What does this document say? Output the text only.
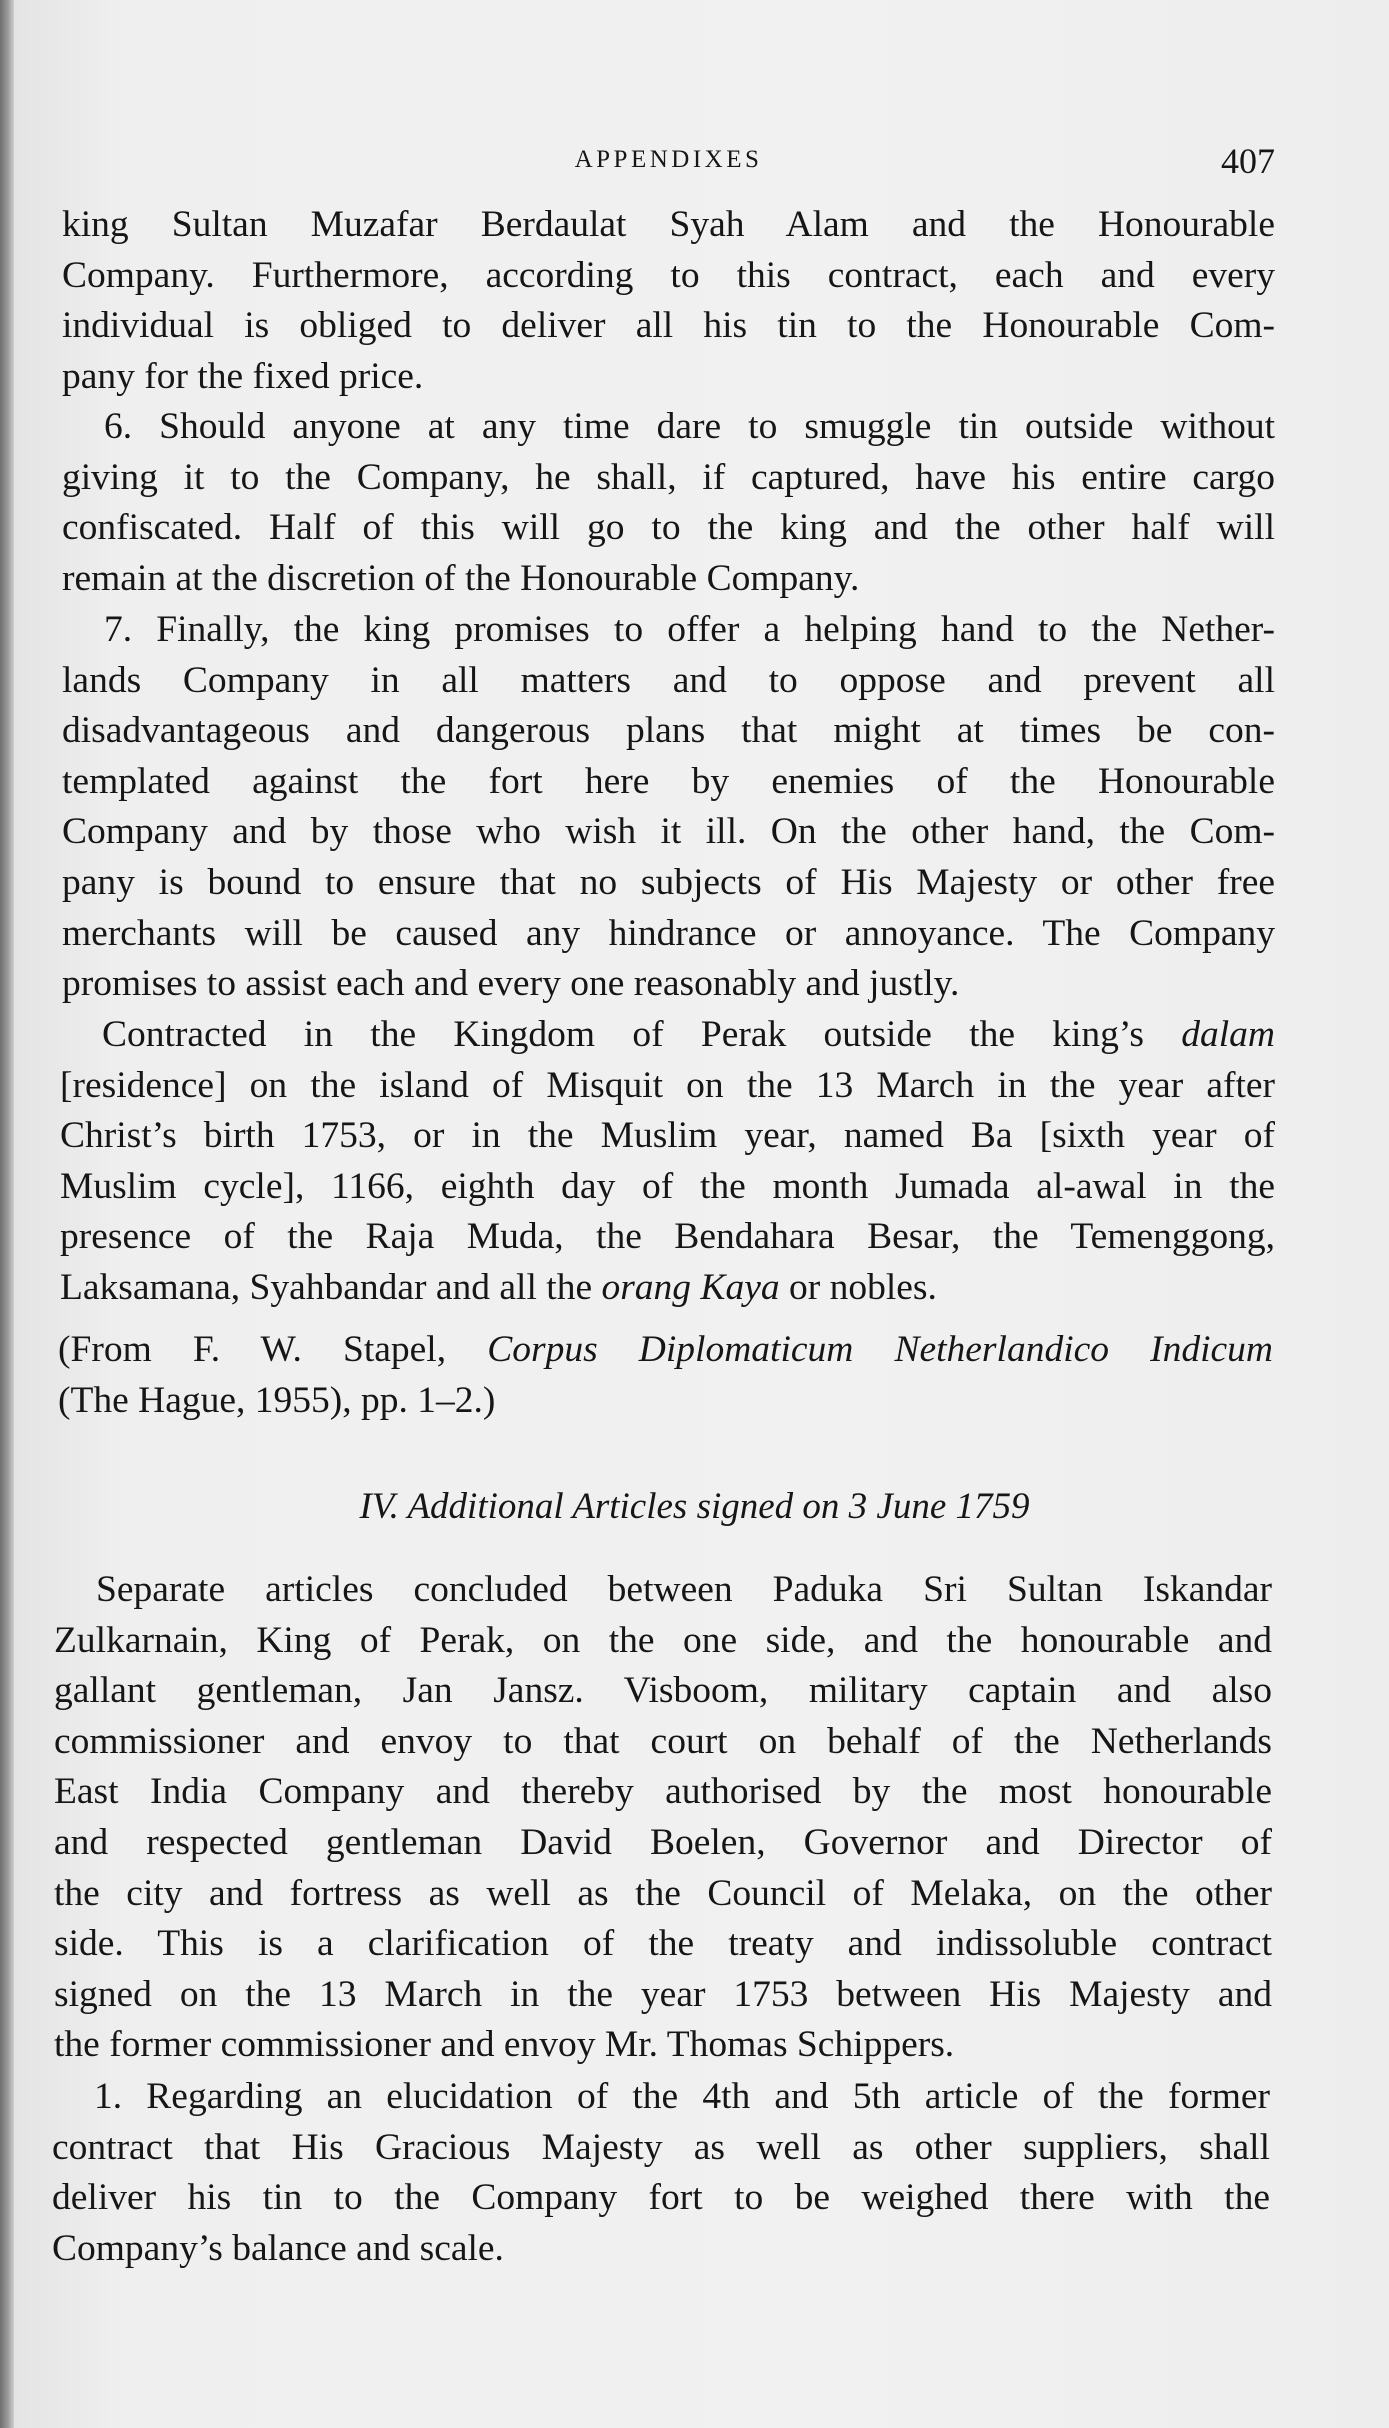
APPENDIXES	407
king Sultan Muzafar Berdaulat Syah Alam and the Honourable
Company. Furthermore, according to this contract, each and every
individual is obliged to deliver all his tin to the Honourable Com-
pany for the fixed price.
6. Should anyone at any time dare to smuggle tin outside without
giving it to the Company, he shall, if captured, have his entire cargo
confiscated. Half of this will go to the king and the other half will
remain at the discretion of the Honourable Company.
7. Finally, the king promises to offer a helping hand to the Nether-
lands Company in all matters and to oppose and prevent all
disadvantageous and dangerous plans that might at times be con-
templated against the fort here by enemies of the Honourable
Company and by those who wish it ill. On the other hand, the Com-
pany is bound to ensure that no subjects of His Majesty or other free
merchants will be caused any hindrance or annoyance. The Company
promises to assist each and every one reasonably and justly.
Contracted in the Kingdom of Perak outside the king’s dalam
[residence] on the island of Misquit on the 13 March in the year after
Christ’s birth 1753, or in the Muslim year, named Ba [sixth year of
Muslim cycle], 1166, eighth day of the month Jumada al-awal in the
presence of the Raja Muda, the Bendahara Besar, the Temenggong,
Laksamana, Syahbandar and all the orang Kaya or nobles.
(From F. W. Stapel, Corpus Diplomaticum Netherlandico Indicum
(The Hague, 1955), pp. 1–2.)
IV. Additional Articles signed on 3 June 1759
Separate articles concluded between Paduka Sri Sultan Iskandar
Zulkarnain, King of Perak, on the one side, and the honourable and
gallant gentleman, Jan Jansz. Visboom, military captain and also
commissioner and envoy to that court on behalf of the Netherlands
East India Company and thereby authorised by the most honourable
and respected gentleman David Boelen, Governor and Director of
the city and fortress as well as the Council of Melaka, on the other
side. This is a clarification of the treaty and indissoluble contract
signed on the 13 March in the year 1753 between His Majesty and
the former commissioner and envoy Mr. Thomas Schippers.
1. Regarding an elucidation of the 4th and 5th article of the former
contract that His Gracious Majesty as well as other suppliers, shall
deliver his tin to the Company fort to be weighed there with the
Company’s balance and scale.
